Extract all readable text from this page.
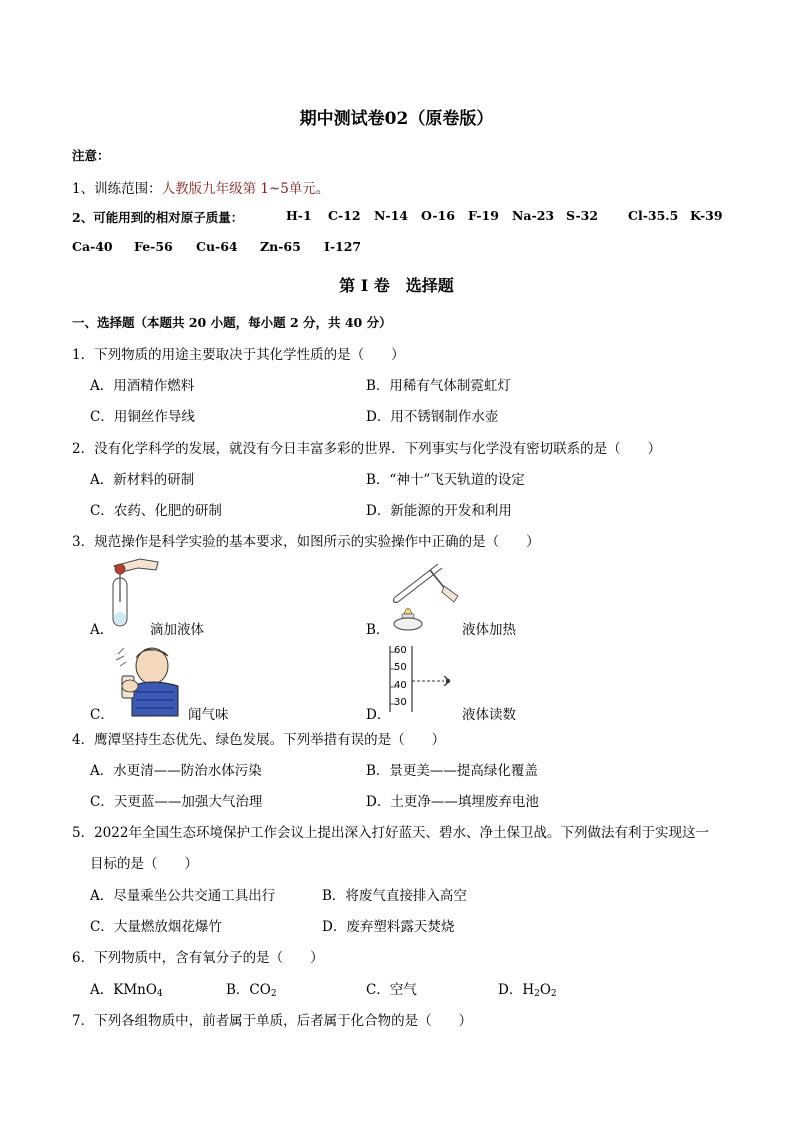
期中测试卷02（原卷版）
注意：
1、训练范围：人教版九年级第 1~5单元。
2、可能用到的相对原子质量：	H-1 C-12 N-14 O-16 F-19 Na-23 S-32 Cl-35.5 K-39
Ca-40 Fe-56 Cu-64 Zn-65 I-127
第 I 卷　选择题
一、选择题（本题共 20 小题，每小题 2 分，共 40 分）
1．下列物质的用途主要取决于其化学性质的是（　　）
A．用酒精作燃料	B．用稀有气体制霓虹灯
C．用铜丝作导线	D．用不锈钢制作水壶
2．没有化学科学的发展，就没有今日丰富多彩的世界．下列事实与化学没有密切联系的是（　　）
A．新材料的研制	B．“神十”飞天轨道的设定
C．农药、化肥的研制	D．新能源的开发和利用
3．规范操作是科学实验的基本要求，如图所示的实验操作中正确的是（　　）
A．	滴加液体	B．	液体加热
C．	闻气味
60
50
40
30
D．	液体读数
4．鹰潭坚持生态优先、绿色发展。下列举措有误的是（　　）
A．水更清——防治水体污染	B．景更美——提高绿化覆盖
C．天更蓝——加强大气治理	D．土更净——填埋废弃电池
5．2022年全国生态环境保护工作会议上提出深入打好蓝天、碧水、净土保卫战。下列做法有利于实现这一
目标的是（　　）
A．尽量乘坐公共交通工具出行	B．将废气直接排入高空
C．大量燃放烟花爆竹	D．废弃塑料露天焚烧
6．下列物质中，含有氧分子的是（　　）
A．KMnO$_4$	B．$CO_2$	C．空气	D．$H_2O_2$
7．下列各组物质中，前者属于单质，后者属于化合物的是（　　）
